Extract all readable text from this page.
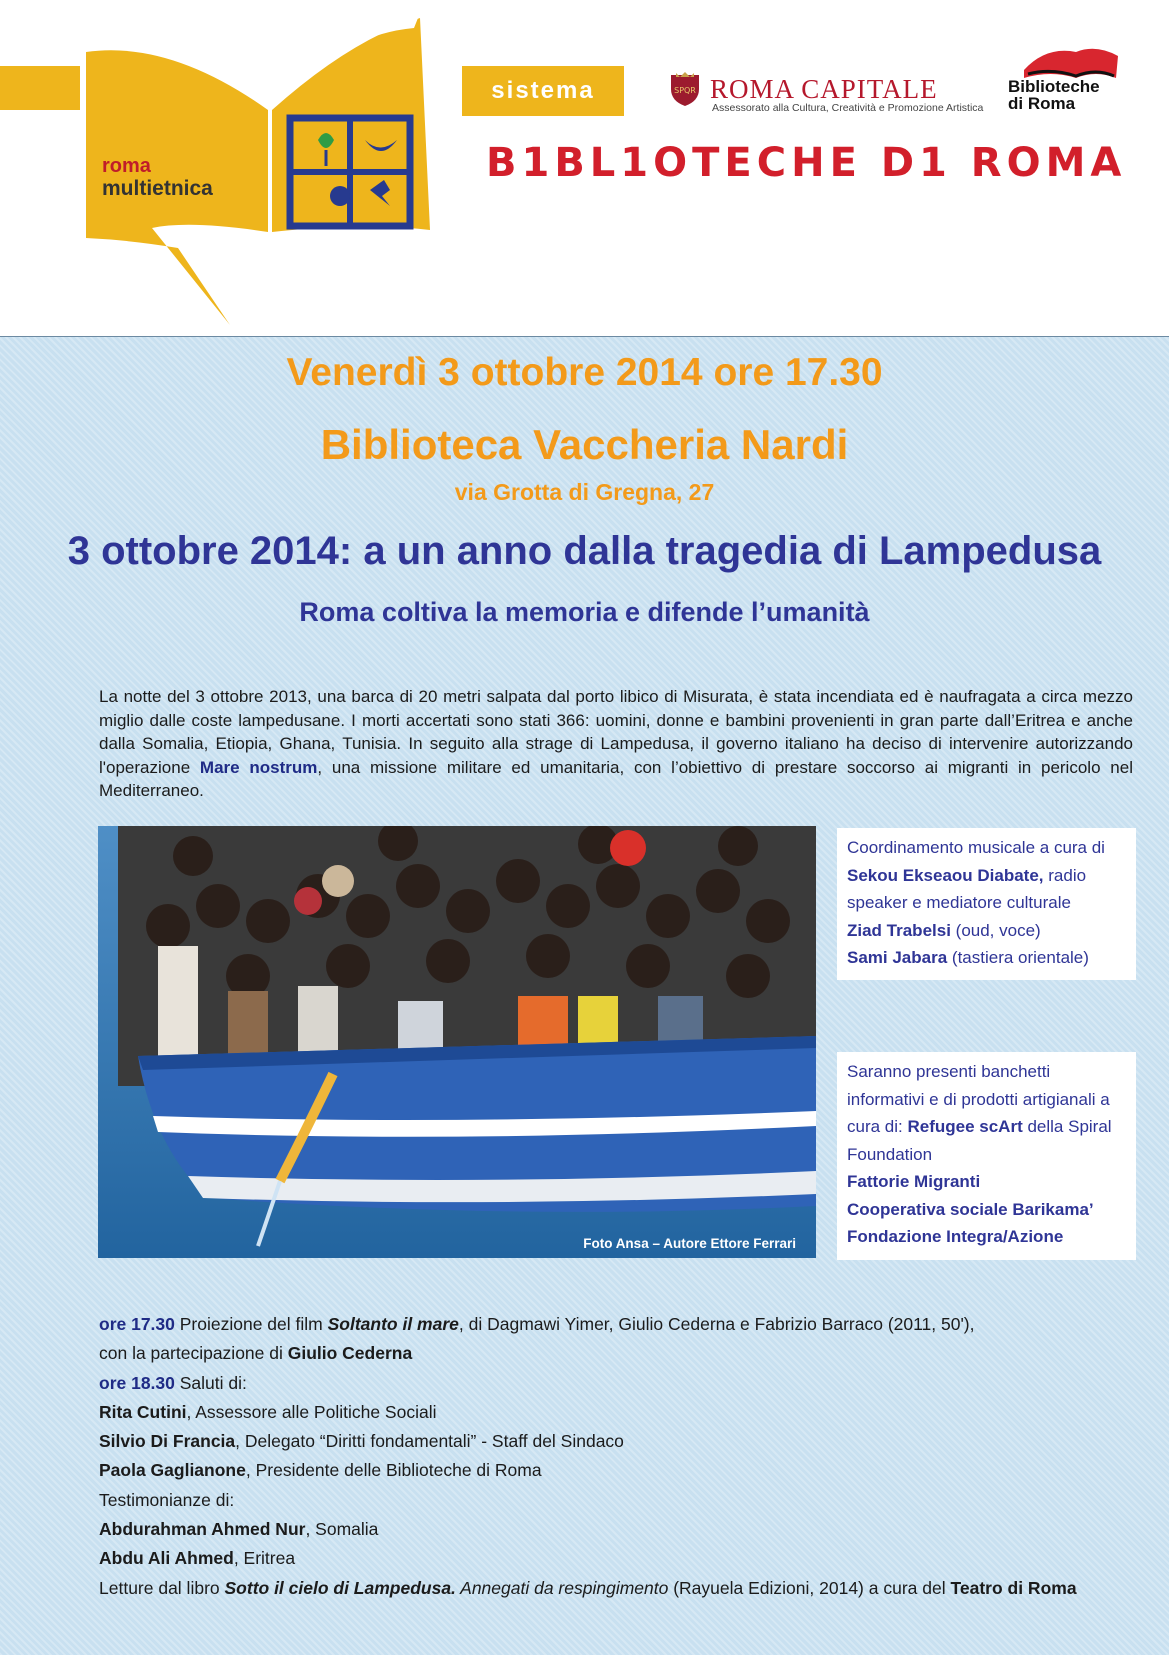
roma
multietnica
sistema
B1BL1OTECHE D1 ROMA
SPQR ROMA CAPITALE
Assessorato alla Cultura, Creatività e Promozione Artistica
Biblioteche
di Roma
Venerdì 3 ottobre 2014 ore 17.30
Biblioteca Vaccheria Nardi
via Grotta di Gregna, 27
3 ottobre 2014: a un anno dalla tragedia di Lampedusa
Roma coltiva la memoria e difende l’umanità
La notte del 3 ottobre 2013, una barca di 20 metri salpata dal porto libico di Misurata, è stata incendiata ed è naufragata a circa mezzo miglio dalle coste lampedusane. I morti accertati sono stati 366: uomini, donne e bambini provenienti in gran parte dall’Eritrea e anche dalla Somalia, Etiopia, Ghana, Tunisia. In seguito alla strage di Lampedusa, il governo italiano ha deciso di intervenire autorizzando l'operazione Mare nostrum, una missione militare ed umanitaria, con l’obiettivo di prestare soccorso ai migranti in pericolo nel Mediterraneo.
Foto Ansa – Autore Ettore Ferrari
Coordinamento musicale a cura di
Sekou Ekseaou Diabate, radio speaker e mediatore culturale
Ziad Trabelsi (oud, voce)
Sami Jabara (tastiera orientale)
Saranno presenti banchetti informativi e di prodotti artigianali a cura di: Refugee scArt della Spiral Foundation
Fattorie Migranti
Cooperativa sociale Barikama’
Fondazione Integra/Azione
ore 17.30 Proiezione del film Soltanto il mare, di Dagmawi Yimer, Giulio Cederna e Fabrizio Barraco (2011, 50'),
con la partecipazione di Giulio Cederna
ore 18.30 Saluti di:
Rita Cutini, Assessore alle Politiche Sociali
Silvio Di Francia, Delegato “Diritti fondamentali” - Staff del Sindaco
Paola Gaglianone, Presidente delle Biblioteche di Roma
Testimonianze di:
Abdurahman Ahmed Nur, Somalia
Abdu Ali Ahmed, Eritrea
Letture dal libro Sotto il cielo di Lampedusa. Annegati da respingimento (Rayuela Edizioni, 2014) a cura del Teatro di Roma
